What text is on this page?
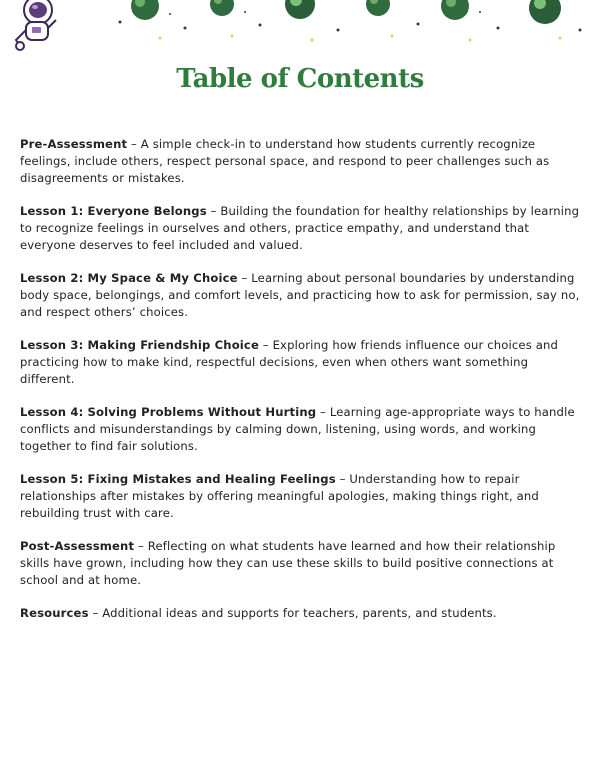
Table of Contents

Pre-Assessment – A simple check-in to understand how students currently recognize feelings, include others, respect personal space, and respond to peer challenges such as disagreements or mistakes.

Lesson 1: Everyone Belongs – Building the foundation for healthy relationships by learning to recognize feelings in ourselves and others, practice empathy, and understand that everyone deserves to feel included and valued.

Lesson 2: My Space & My Choice – Learning about personal boundaries by understanding body space, belongings, and comfort levels, and practicing how to ask for permission, say no, and respect others’ choices.

Lesson 3: Making Friendship Choice – Exploring how friends influence our choices and practicing how to make kind, respectful decisions, even when others want something different.

Lesson 4: Solving Problems Without Hurting – Learning age-appropriate ways to handle conflicts and misunderstandings by calming down, listening, using words, and working together to find fair solutions.

Lesson 5: Fixing Mistakes and Healing Feelings – Understanding how to repair relationships after mistakes by offering meaningful apologies, making things right, and rebuilding trust with care.

Post-Assessment – Reflecting on what students have learned and how their relationship skills have grown, including how they can use these skills to build positive connections at school and at home.

Resources – Additional ideas and supports for teachers, parents, and students.
